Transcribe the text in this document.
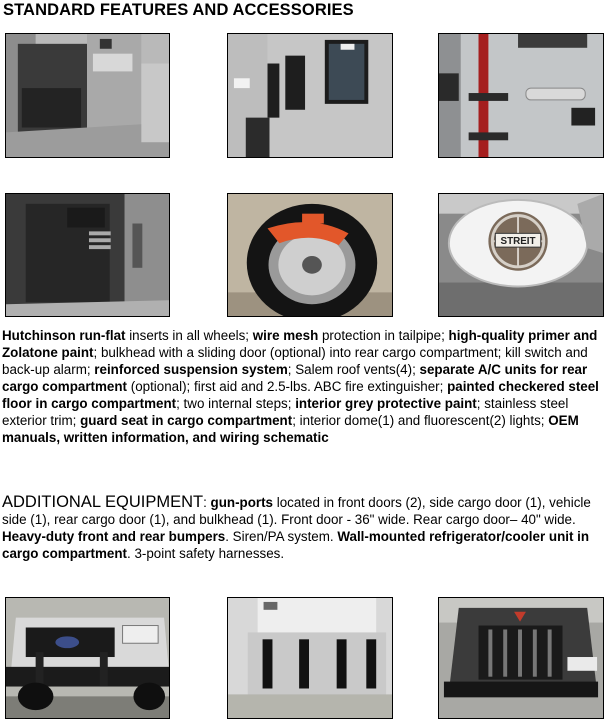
STANDARD FEATURES AND ACCESSORIES
STREIT

Hutchinson run-flat inserts in all wheels; wire mesh protection in tailpipe; high-quality primer and Zolatone paint; bulkhead with a sliding door (optional) into rear cargo compartment; kill switch and back-up alarm; reinforced suspension system; Salem roof vents(4); separate A/C units for rear cargo compartment (optional); first aid and 2.5-lbs. ABC fire extinguisher; painted checkered steel floor in cargo compartment; two internal steps; interior grey protective paint; stainless steel exterior trim; guard seat in cargo compartment; interior dome(1) and fluorescent(2) lights; OEM manuals, written information, and wiring schematic

ADDITIONAL EQUIPMENT: gun-ports located in front doors (2), side cargo door (1), vehicle side (1), rear cargo door (1), and bulkhead (1). Front door - 36" wide. Rear cargo door– 40" wide. Heavy-duty front and rear bumpers. Siren/PA system. Wall-mounted refrigerator/cooler unit in cargo compartment. 3-point safety harnesses.
